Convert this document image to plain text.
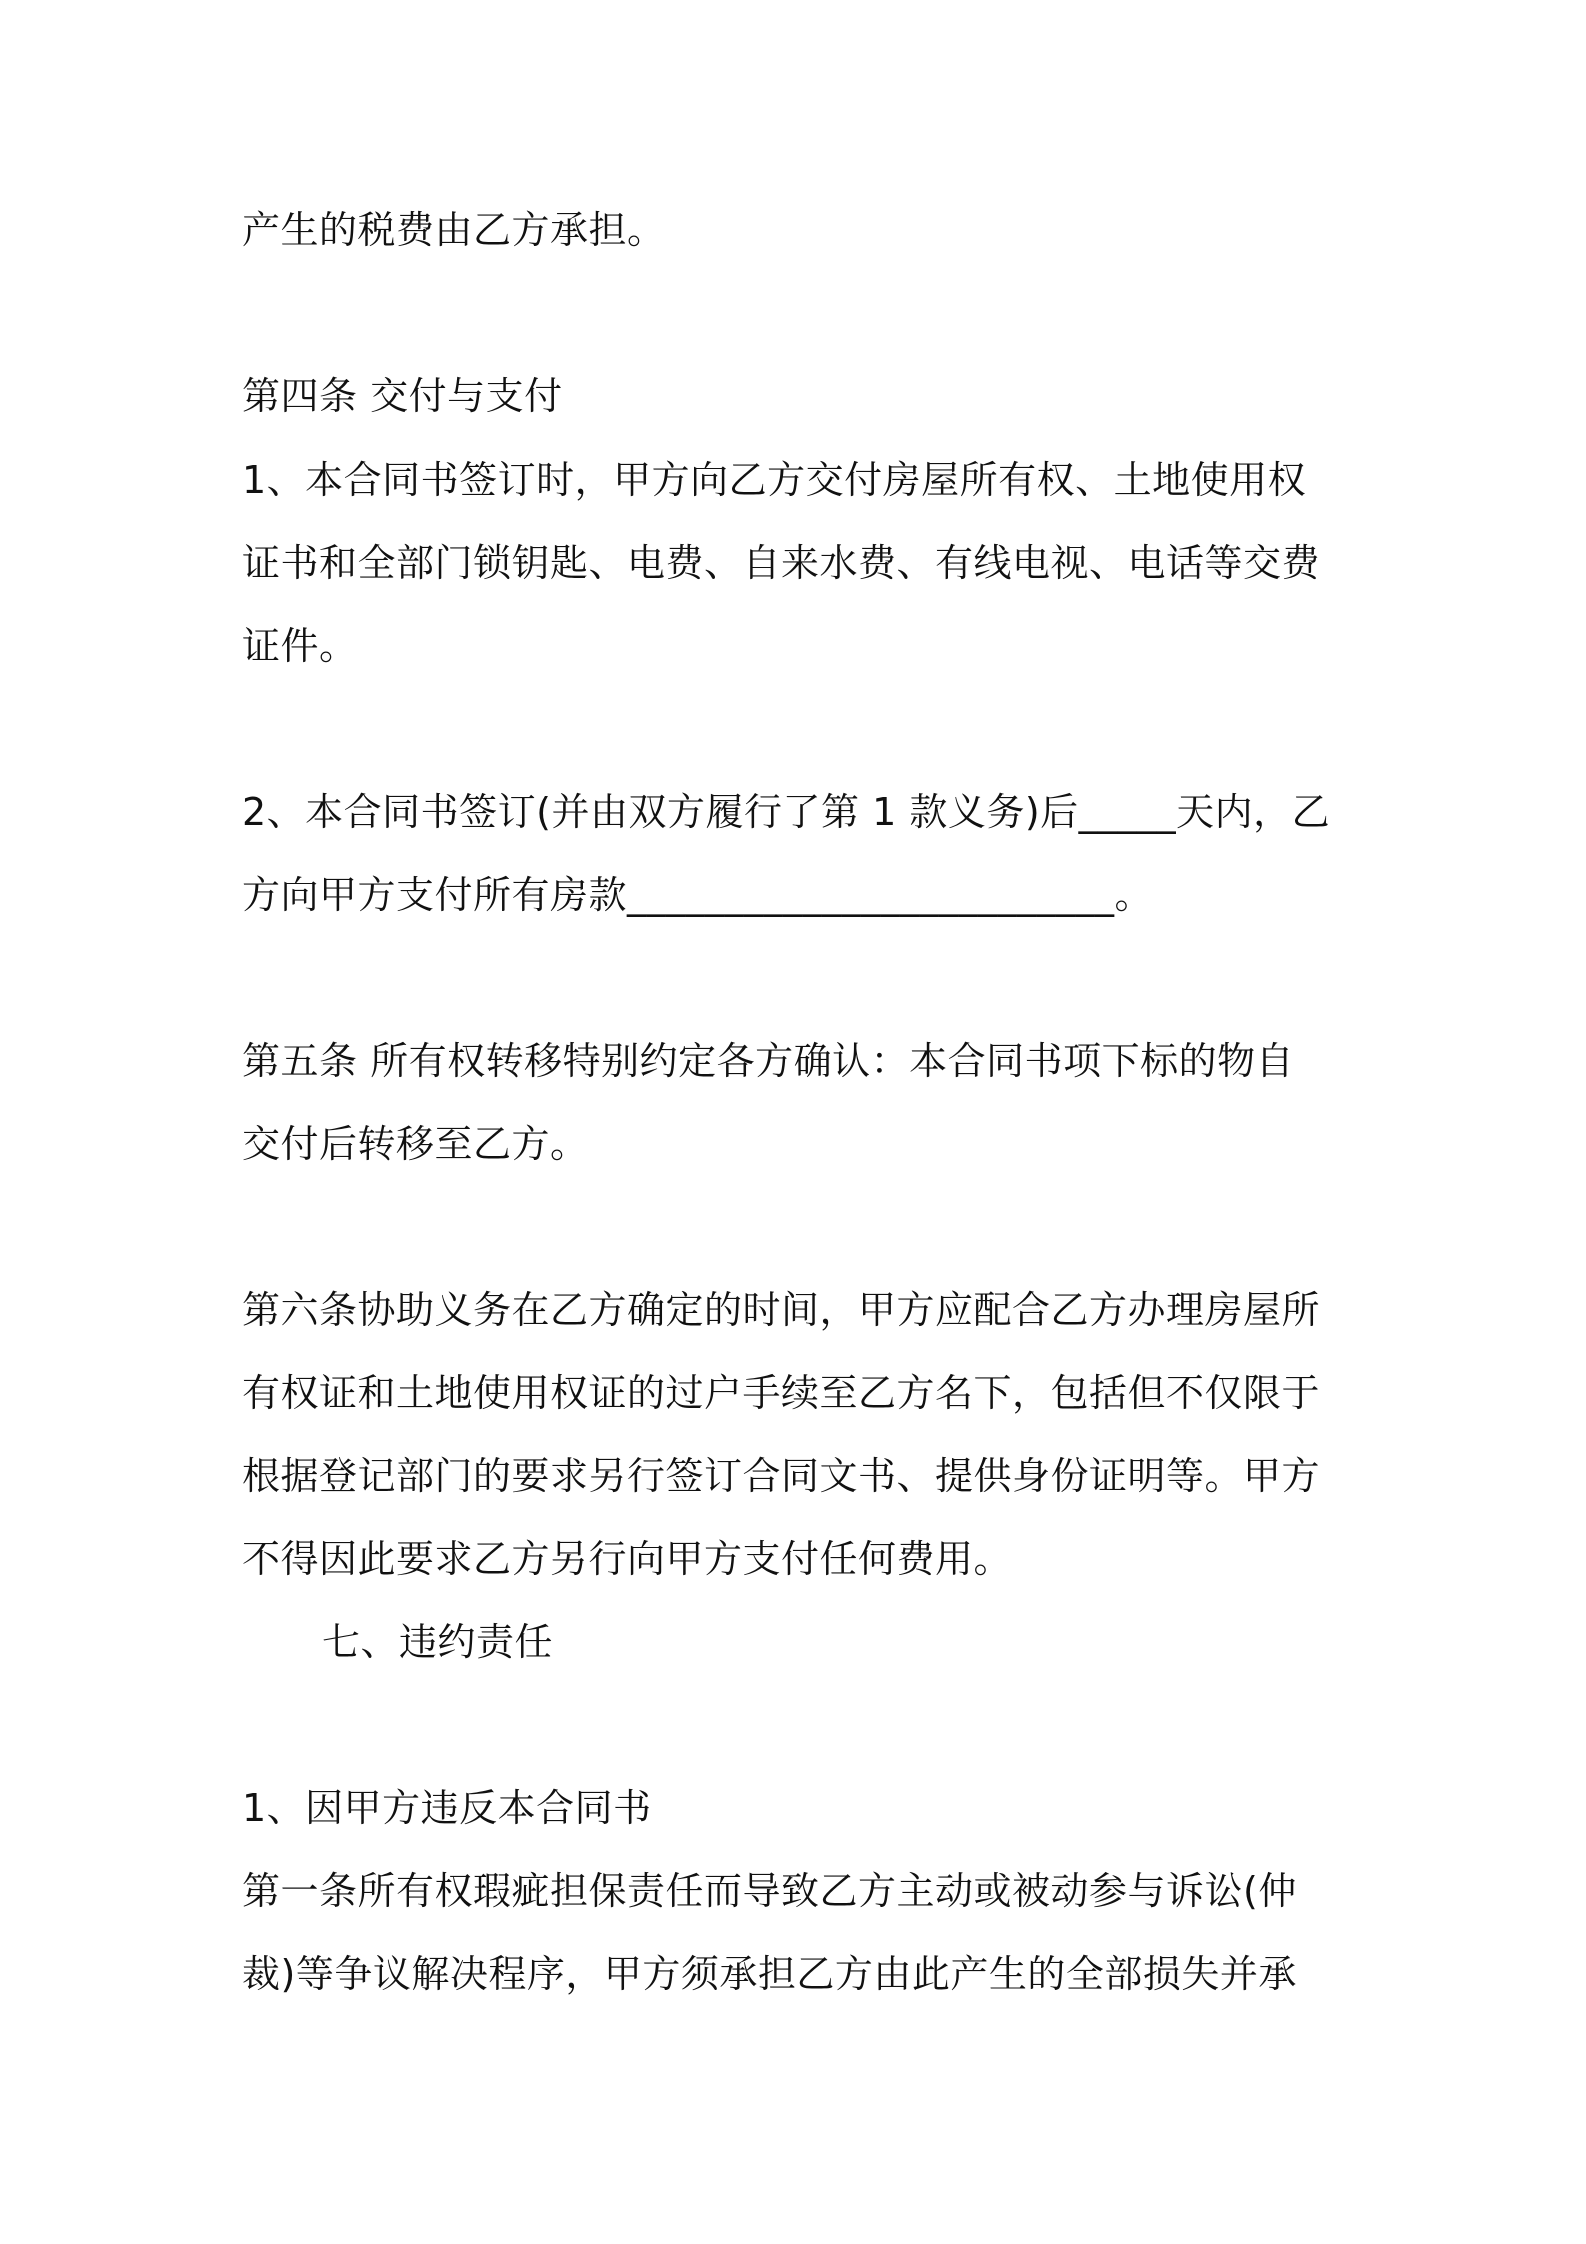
产生的税费由乙方承担。
第四条 交付与支付
1、本合同书签订时，甲方向乙方交付房屋所有权、土地使用权
证书和全部门锁钥匙、电费、自来水费、有线电视、电话等交费
证件。
2、本合同书签订(并由双方履行了第 1 款义务)后_____天内，乙
方向甲方支付所有房款_________________________。
第五条 所有权转移特别约定各方确认：本合同书项下标的物自
交付后转移至乙方。
第六条协助义务在乙方确定的时间，甲方应配合乙方办理房屋所
有权证和土地使用权证的过户手续至乙方名下，包括但不仅限于
根据登记部门的要求另行签订合同文书、提供身份证明等。甲方
不得因此要求乙方另行向甲方支付任何费用。
七、违约责任
1、因甲方违反本合同书
第一条所有权瑕疵担保责任而导致乙方主动或被动参与诉讼(仲
裁)等争议解决程序，甲方须承担乙方由此产生的全部损失并承
